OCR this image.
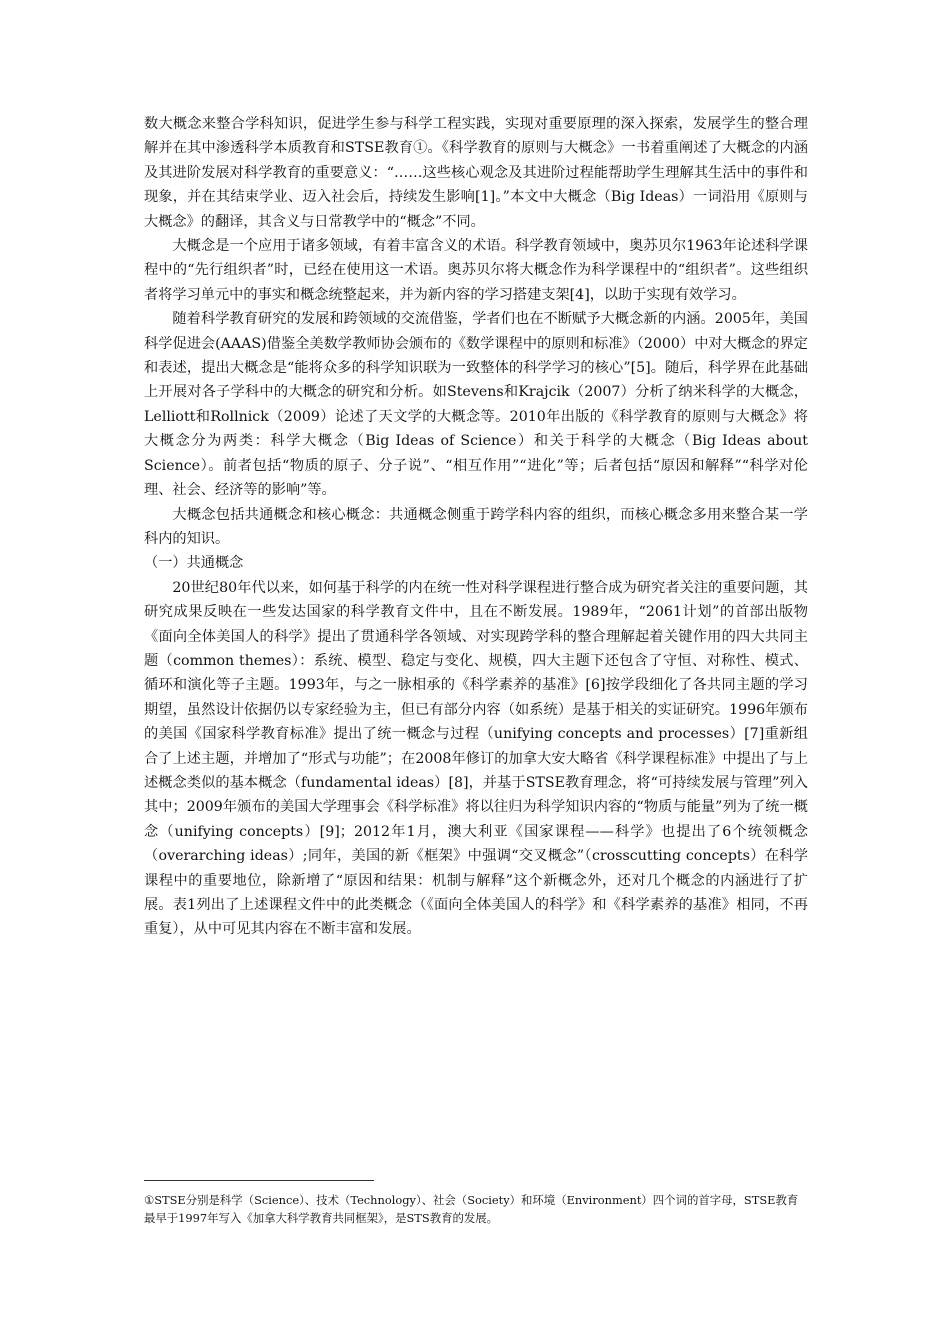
数大概念来整合学科知识，促进学生参与科学工程实践，实现对重要原理的深入探索，发展学生的整合理解并在其中渗透科学本质教育和STSE教育①。《科学教育的原则与大概念》一书着重阐述了大概念的内涵及其进阶发展对科学教育的重要意义：“……这些核心观念及其进阶过程能帮助学生理解其生活中的事件和现象，并在其结束学业、迈入社会后，持续发生影响[1]。”本文中大概念（Big Ideas）一词沿用《原则与大概念》的翻译，其含义与日常教学中的“概念”不同。

大概念是一个应用于诸多领域，有着丰富含义的术语。科学教育领域中，奥苏贝尔1963年论述科学课程中的“先行组织者”时，已经在使用这一术语。奥苏贝尔将大概念作为科学课程中的“组织者”。这些组织者将学习单元中的事实和概念统整起来，并为新内容的学习搭建支架[4]，以助于实现有效学习。

随着科学教育研究的发展和跨领域的交流借鉴，学者们也在不断赋予大概念新的内涵。2005年，美国科学促进会(AAAS)借鉴全美数学教师协会颁布的《数学课程中的原则和标准》（2000）中对大概念的界定和表述，提出大概念是“能将众多的科学知识联为一致整体的科学学习的核心”[5]。随后，科学界在此基础上开展对各子学科中的大概念的研究和分析。如Stevens和Krajcik（2007）分析了纳米科学的大概念，Lelliott和Rollnick（2009）论述了天文学的大概念等。2010年出版的《科学教育的原则与大概念》将大概念分为两类：科学大概念（Big Ideas of Science）和关于科学的大概念（Big Ideas about Science）。前者包括“物质的原子、分子说”、“相互作用”“进化”等；后者包括“原因和解释”“科学对伦理、社会、经济等的影响”等。

大概念包括共通概念和核心概念：共通概念侧重于跨学科内容的组织，而核心概念多用来整合某一学科内的知识。

（一）共通概念

20世纪80年代以来，如何基于科学的内在统一性对科学课程进行整合成为研究者关注的重要问题，其研究成果反映在一些发达国家的科学教育文件中，且在不断发展。1989年，“2061计划”的首部出版物《面向全体美国人的科学》提出了贯通科学各领域、对实现跨学科的整合理解起着关键作用的四大共同主题（common themes）：系统、模型、稳定与变化、规模，四大主题下还包含了守恒、对称性、模式、循环和演化等子主题。1993年，与之一脉相承的《科学素养的基准》[6]按学段细化了各共同主题的学习期望，虽然设计依据仍以专家经验为主，但已有部分内容（如系统）是基于相关的实证研究。1996年颁布的美国《国家科学教育标准》提出了统一概念与过程（unifying concepts and processes）[7]重新组合了上述主题，并增加了“形式与功能”；在2008年修订的加拿大安大略省《科学课程标准》中提出了与上述概念类似的基本概念（fundamental ideas）[8]，并基于STSE教育理念，将“可持续发展与管理”列入其中；2009年颁布的美国大学理事会《科学标准》将以往归为科学知识内容的“物质与能量”列为了统一概念（unifying concepts）[9]；2012年1月，澳大利亚《国家课程——科学》也提出了6个统领概念（overarching ideas）;同年，美国的新《框架》中强调“交叉概念”（crosscutting concepts）在科学课程中的重要地位，除新增了“原因和结果：机制与解释”这个新概念外，还对几个概念的内涵进行了扩展。表1列出了上述课程文件中的此类概念（《面向全体美国人的科学》和《科学素养的基准》相同，不再重复），从中可见其内容在不断丰富和发展。

①STSE分别是科学（Science）、技术（Technology）、社会（Society）和环境（Environment）四个词的首字母，STSE教育最早于1997年写入《加拿大科学教育共同框架》，是STS教育的发展。
